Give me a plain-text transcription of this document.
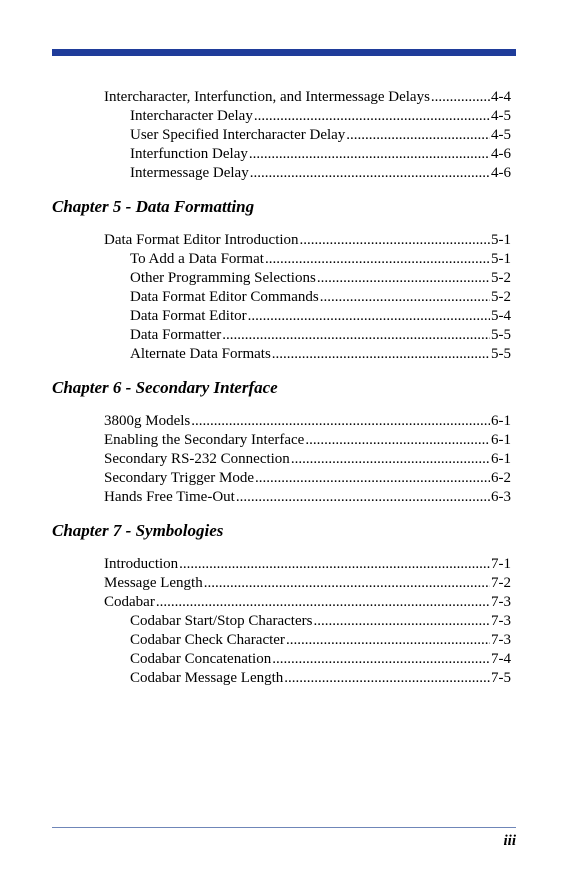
Intercharacter, Interfunction, and Intermessage Delays .....	4-4
Intercharacter Delay .....	4-5
User Specified Intercharacter Delay .....	4-5
Interfunction Delay .....	4-6
Intermessage Delay .....	4-6
Chapter 5 - Data Formatting
Data Format Editor Introduction .....	5-1
To Add a Data Format .....	5-1
Other Programming Selections .....	5-2
Data Format Editor Commands .....	5-2
Data Format Editor .....	5-4
Data Formatter .....	5-5
Alternate Data Formats .....	5-5
Chapter 6 - Secondary Interface
3800g Models .....	6-1
Enabling the Secondary Interface .....	6-1
Secondary RS-232 Connection .....	6-1
Secondary Trigger Mode .....	6-2
Hands Free Time-Out .....	6-3
Chapter 7 - Symbologies
Introduction .....	7-1
Message Length .....	7-2
Codabar .....	7-3
Codabar Start/Stop Characters .....	7-3
Codabar Check Character .....	7-3
Codabar Concatenation .....	7-4
Codabar Message Length .....	7-5
iii
